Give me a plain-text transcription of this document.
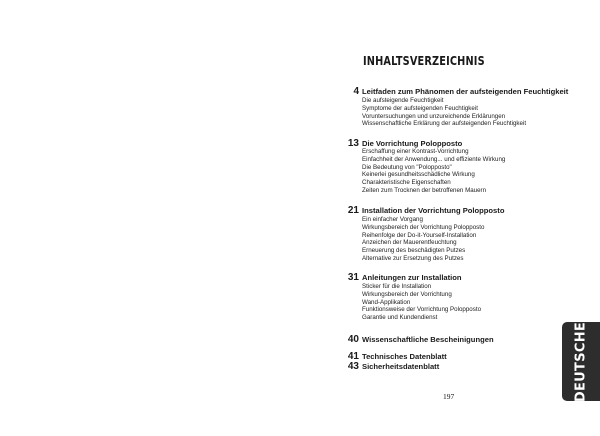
INHALTSVERZEICHNIS
4 Leitfaden zum Phänomen der aufsteigenden Feuchtigkeit
Die aufsteigende Feuchtigkeit
Symptome der aufsteigenden Feuchtigkeit
Voruntersuchungen und unzureichende Erklärungen
Wissenschaftliche Erklärung der aufsteigenden Feuchtigkeit
13 Die Vorrichtung Polopposto
Erschaffung einer Kontrast-Vorrichtung
Einfachheit der Anwendung... und effiziente Wirkung
Die Bedeutung von "Polopposto"
Keinerlei gesundheitsschädliche Wirkung
Charakteristische Eigenschaften
Zeiten zum Trocknen der betroffenen Mauern
21 Installation der Vorrichtung Polopposto
Ein einfacher Vorgang
Wirkungsbereich der Vorrichtung Polopposto
Reihenfolge der Do-it-Yourself-Installation
Anzeichen der Mauerentfeuchtung
Erneuerung des beschädigten Putzes
Alternative zur Ersetzung des Putzes
31 Anleitungen zur Installation
Sticker für die Installation
Wirkungsbereich der Vorrichtung
Wand-Applikation
Funktionsweise der Vorrichtung Polopposto
Garantie und Kundendienst
40 Wissenschaftliche Bescheinigungen
41 Technisches Datenblatt
43 Sicherheitsdatenblatt
197	DEUTSCHE
